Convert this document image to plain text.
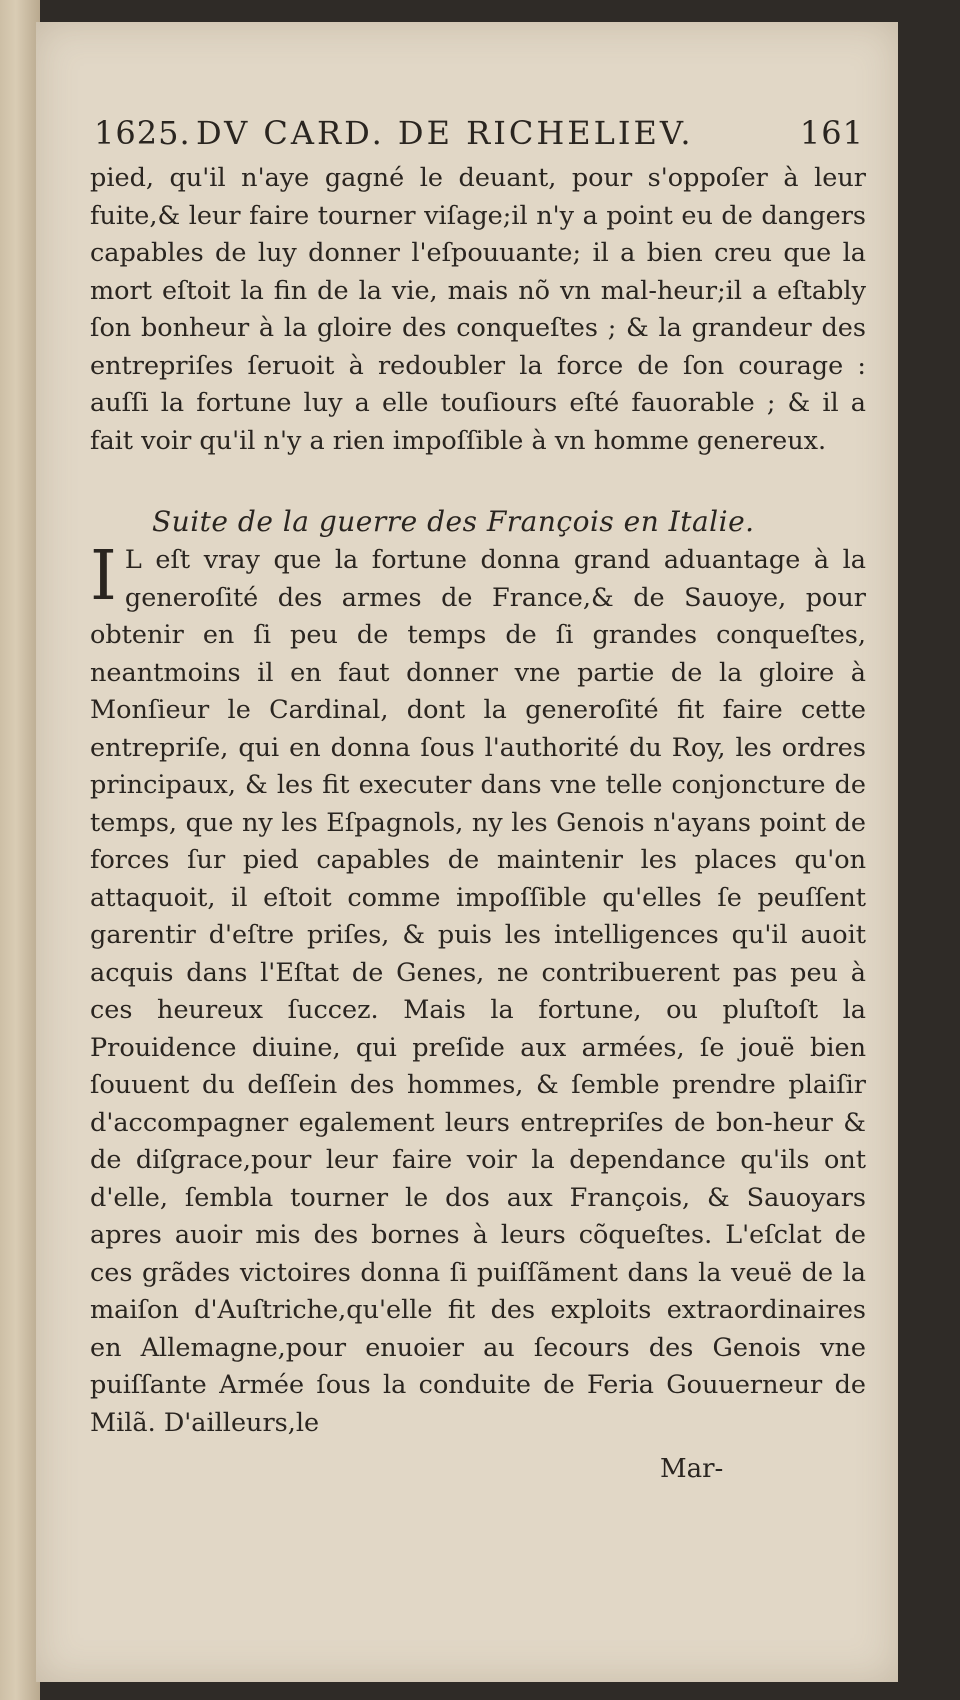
1625. DV CARD. DE RICHELIEV.	161
pied, qu'il n'aye gagné le deuant, pour s'oppoſer à leur fuite,& leur faire tourner viſage;il n'y a point eu de dangers capables de luy donner l'eſpouuante; il a bien creu que la mort eſtoit la fin de la vie, mais nõ vn mal-heur;il a eſtably ſon bonheur à la gloire des conqueſtes ; & la grandeur des entrepriſes ſeruoit à redoubler la force de ſon courage : auſſi la fortune luy a elle touſiours eſté fauorable ; & il a fait voir qu'il n'y a rien impoſſible à vn homme genereux.
Suite de la guerre des François en Italie.
I L eſt vray que la fortune donna grand aduantage à la generoſité des armes de France,& de Sauoye, pour obtenir en ſi peu de temps de ſi grandes conqueſtes, neantmoins il en faut donner vne partie de la gloire à Monſieur le Cardinal, dont la generoſité fit faire cette entrepriſe, qui en donna ſous l'authorité du Roy, les ordres principaux, & les fit executer dans vne telle conjoncture de temps, que ny les Eſpagnols, ny les Genois n'ayans point de forces ſur pied capables de maintenir les places qu'on attaquoit, il eſtoit comme impoſſible qu'elles ſe peuſſent garentir d'eſtre priſes, & puis les intelligences qu'il auoit acquis dans l'Eſtat de Genes, ne contribuerent pas peu à ces heureux ſuccez. Mais la fortune, ou pluſtoſt la Prouidence diuine, qui preſide aux armées, ſe jouë bien ſouuent du deſſein des hommes, & ſemble prendre plaiſir d'accompagner egalement leurs entrepriſes de bon-heur & de diſgrace,pour leur faire voir la dependance qu'ils ont d'elle, ſembla tourner le dos aux François, & Sauoyars apres auoir mis des bornes à leurs cõqueſtes. L'eſclat de ces grãdes victoires donna ſi puiſſãment dans la veuë de la maiſon d'Auſtriche,qu'elle fit des exploits extraordinaires en Allemagne,pour enuoier au ſecours des Genois vne puiſſante Armée ſous la conduite de Feria Gouuerneur de Milã. D'ailleurs,le
Mar-
